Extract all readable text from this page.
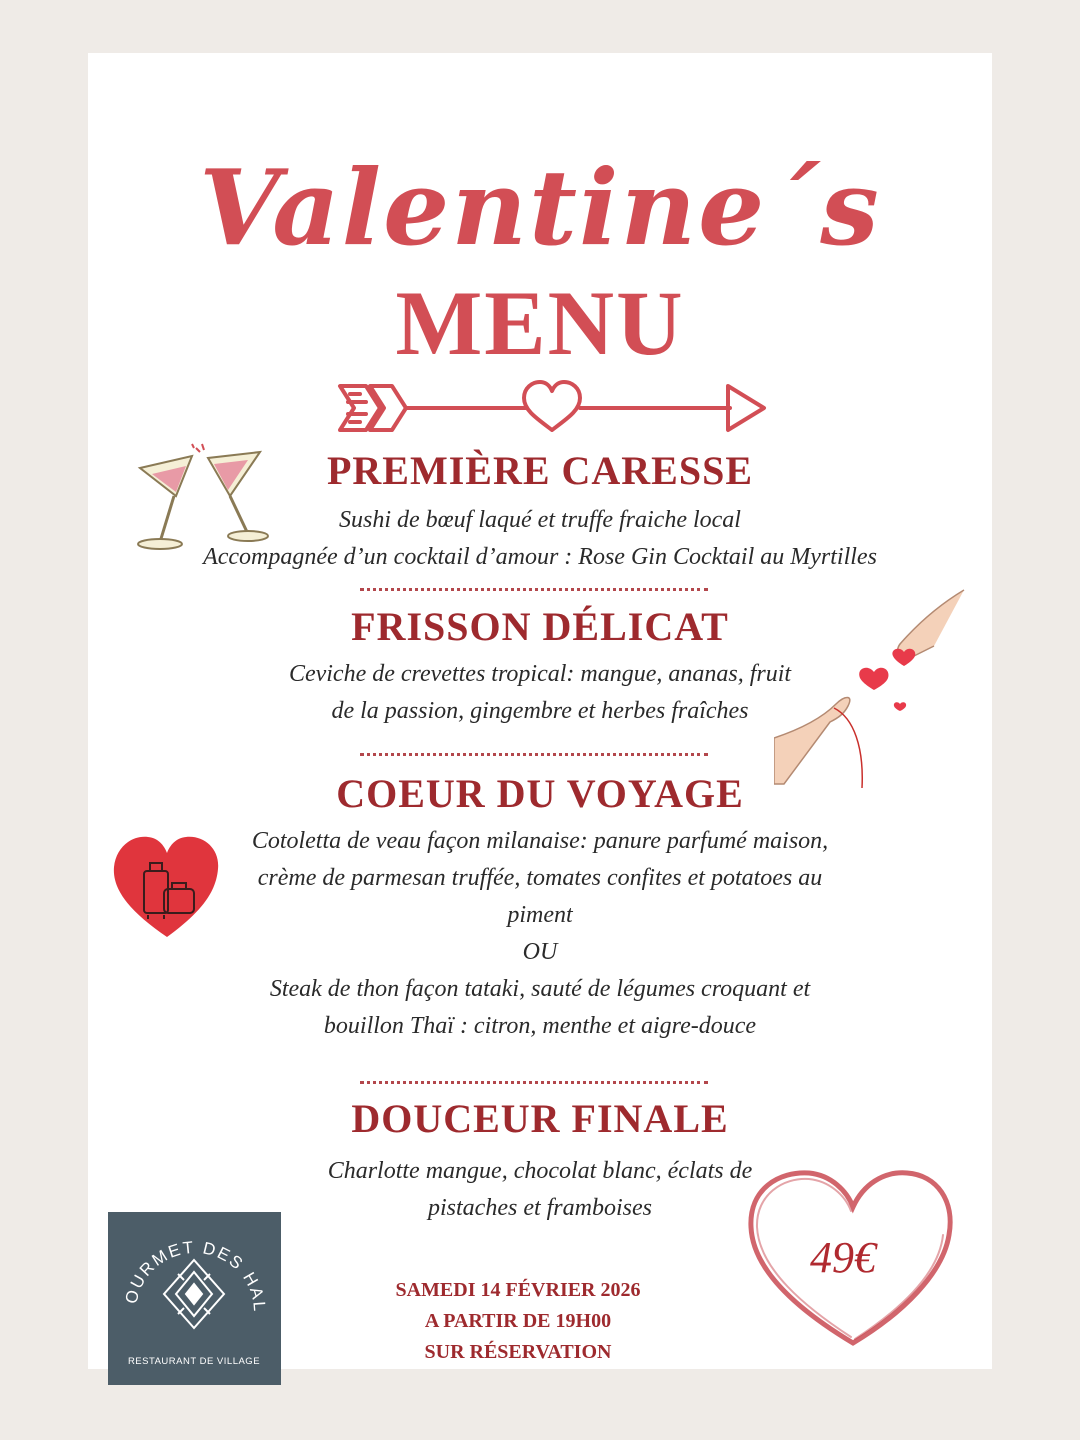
Valentine´s
MENU
PREMIÈRE CARESSE

Sushi de bœuf laqué et truffe fraiche local

Accompagnée d’un cocktail d’amour : Rose Gin Cocktail au Myrtilles

FRISSON DÉLICAT

Ceviche de crevettes tropical: mangue, ananas, fruit

de la passion, gingembre et herbes fraîches

COEUR DU VOYAGE

Cotoletta de veau façon milanaise: panure parfumé maison,

crème de parmesan truffée, tomates confites et potatoes au

piment

OU

Steak de thon façon tataki, sauté de légumes croquant et

bouillon Thaï : citron, menthe et aigre-douce

DOUCEUR FINALE

Charlotte mangue, chocolat blanc, éclats de

pistaches et framboises

SAMEDI 14 FÉVRIER 2026
A PARTIR DE 19H00
SUR RÉSERVATION
OURMET DES HAL
RESTAURANT DE VILLAGE
49€
